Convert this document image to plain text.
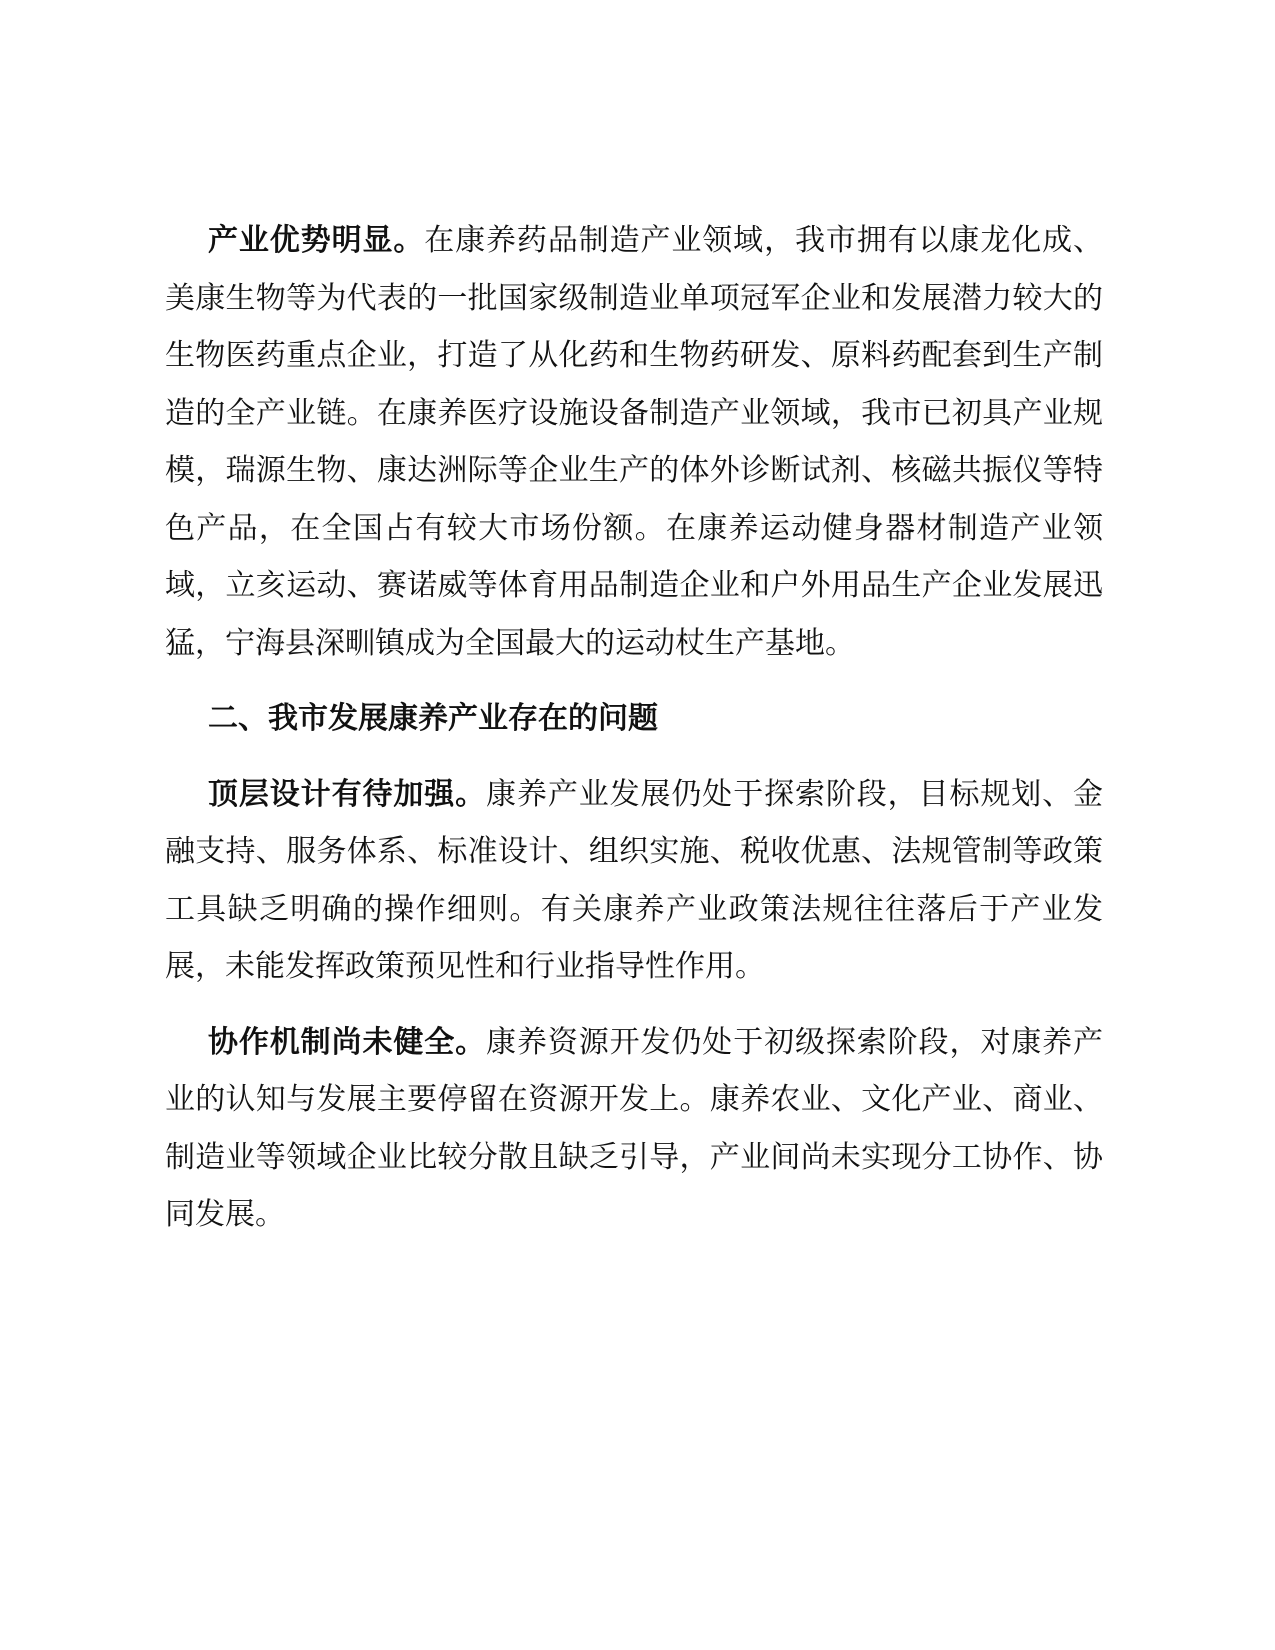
产业优势明显。在康养药品制造产业领域，我市拥有以康龙化成、美康生物等为代表的一批国家级制造业单项冠军企业和发展潜力较大的生物医药重点企业，打造了从化药和生物药研发、原料药配套到生产制造的全产业链。在康养医疗设施设备制造产业领域，我市已初具产业规模，瑞源生物、康达洲际等企业生产的体外诊断试剂、核磁共振仪等特色产品，在全国占有较大市场份额。在康养运动健身器材制造产业领域，立亥运动、赛诺威等体育用品制造企业和户外用品生产企业发展迅猛，宁海县深甽镇成为全国最大的运动杖生产基地。

二、我市发展康养产业存在的问题

顶层设计有待加强。康养产业发展仍处于探索阶段，目标规划、金融支持、服务体系、标准设计、组织实施、税收优惠、法规管制等政策工具缺乏明确的操作细则。有关康养产业政策法规往往落后于产业发展，未能发挥政策预见性和行业指导性作用。

协作机制尚未健全。康养资源开发仍处于初级探索阶段，对康养产业的认知与发展主要停留在资源开发上。康养农业、文化产业、商业、制造业等领域企业比较分散且缺乏引导，产业间尚未实现分工协作、协同发展。
